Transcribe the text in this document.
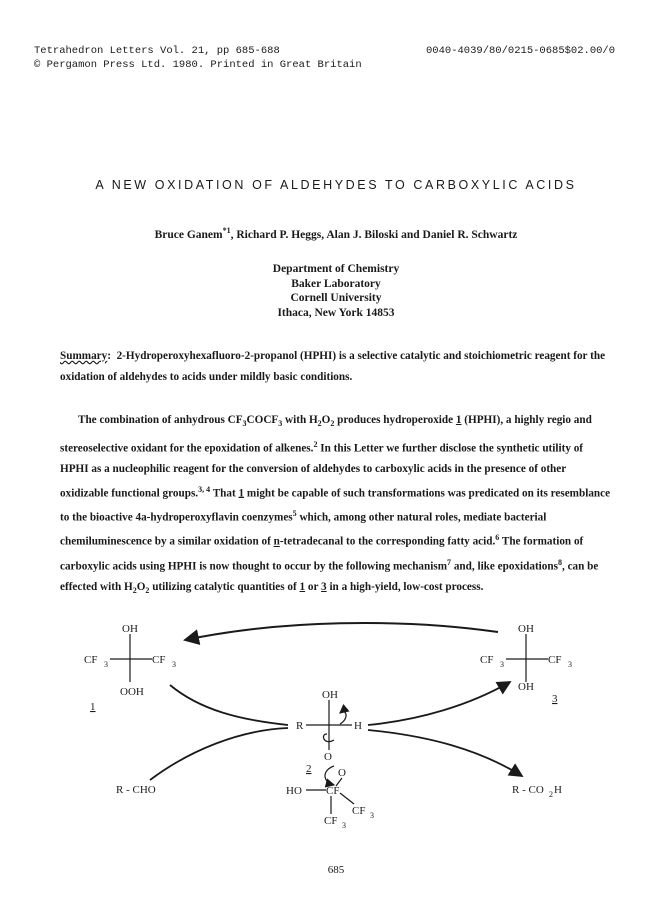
Tetrahedron Letters Vol. 21, pp 685-688
© Pergamon Press Ltd. 1980. Printed in Great Britain
0040-4039/80/0215-0685$02.00/0
A NEW OXIDATION OF ALDEHYDES TO CARBOXYLIC ACIDS
Bruce Ganem$^{*1}$, Richard P. Heggs, Alan J. Biloski and Daniel R. Schwartz
Department of Chemistry
Baker Laboratory
Cornell University
Ithaca, New York 14853
Summary: 2-Hydroperoxyhexafluoro-2-propanol (HPHI) is a selective catalytic and stoichiometric reagent for the oxidation of aldehydes to acids under mildly basic conditions.
The combination of anhydrous $CF_3COCF_3$ with $H_2O_2$ produces hydroperoxide 1 (HPHI), a highly regio and stereoselective oxidant for the epoxidation of alkenes.$^2$ In this Letter we further disclose the synthetic utility of HPHI as a nucleophilic reagent for the conversion of aldehydes to carboxylic acids in the presence of other oxidizable functional groups.$^{3, 4}$ That 1 might be capable of such transformations was predicated on its resemblance to the bioactive 4a-hydroperoxyflavin coenzymes$^5$ which, among other natural roles, mediate bacterial chemiluminescence by a similar oxidation of n-tetradecanal to the corresponding fatty acid.$^6$ The formation of carboxylic acids using HPHI is now thought to occur by the following mechanism$^7$ and, like epoxidations$^8$, can be effected with $H_2O_2$ utilizing catalytic quantities of 1 or 3 in a high-yield, low-cost process.
OH
CF 3	CF 3
OOH
1
OH
CF 3	CF 3
OH
3
OH
R	H
O
2 O
HO CF
CF 3
CF 3
R - CHO	R - CO 2 H
685
